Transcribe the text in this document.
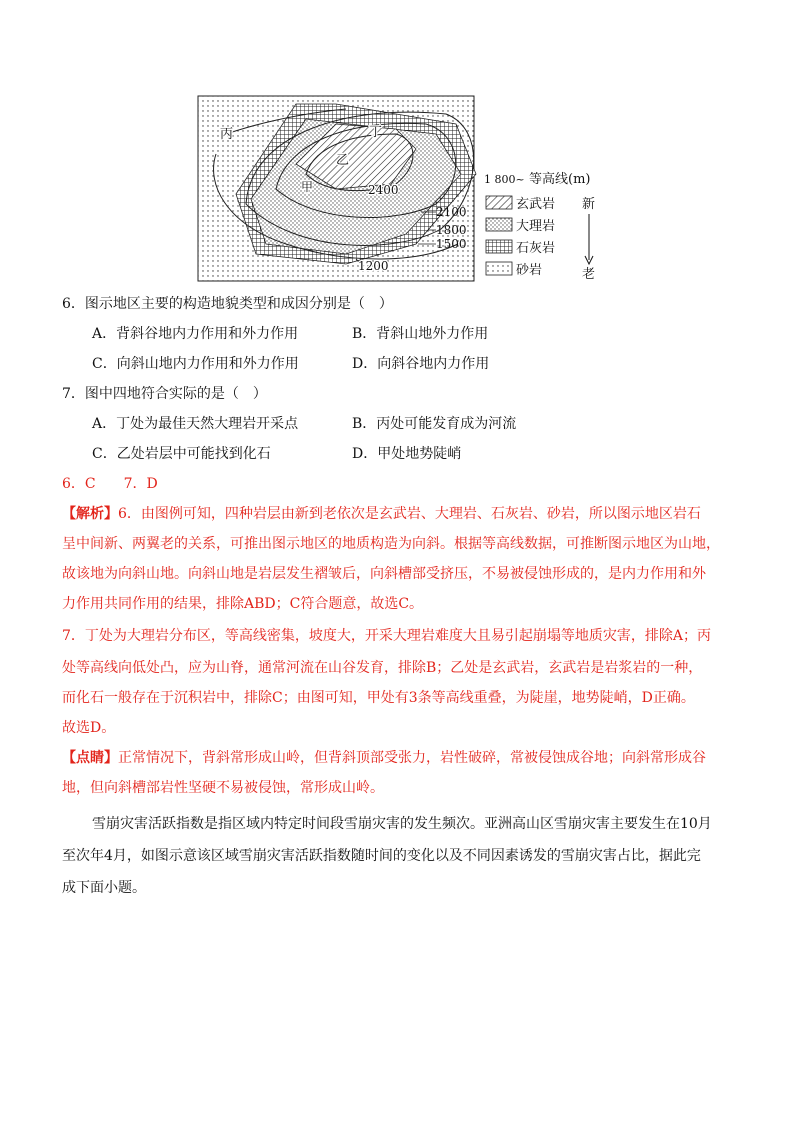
丙	丁
乙
甲	2400
2100
1800
1500
1200
1 800~ 等高线(m)
玄武岩
大理岩
石灰岩
砂岩
新
老
6．图示地区主要的构造地貌类型和成因分别是（　）
A．背斜谷地内力作用和外力作用	B．背斜山地外力作用
C．向斜山地内力作用和外力作用	D．向斜谷地内力作用
7．图中四地符合实际的是（　）
A．丁处为最佳天然大理岩开采点	B．丙处可能发育成为河流
C．乙处岩层中可能找到化石	D．甲处地势陡峭
6．C 7．D
【解析】6．由图例可知，四种岩层由新到老依次是玄武岩、大理岩、石灰岩、砂岩，所以图示地区岩石
呈中间新、两翼老的关系，可推出图示地区的地质构造为向斜。根据等高线数据，可推断图示地区为山地，
故该地为向斜山地。向斜山地是岩层发生褶皱后，向斜槽部受挤压，不易被侵蚀形成的，是内力作用和外
力作用共同作用的结果，排除ABD；C符合题意，故选C。
7．丁处为大理岩分布区，等高线密集，坡度大，开采大理岩难度大且易引起崩塌等地质灾害，排除A；丙
处等高线向低处凸，应为山脊，通常河流在山谷发育，排除B；乙处是玄武岩，玄武岩是岩浆岩的一种，
而化石一般存在于沉积岩中，排除C；由图可知，甲处有3条等高线重叠，为陡崖，地势陡峭，D正确。
故选D。
【点睛】正常情况下，背斜常形成山岭，但背斜顶部受张力，岩性破碎，常被侵蚀成谷地；向斜常形成谷
地，但向斜槽部岩性坚硬不易被侵蚀，常形成山岭。
雪崩灾害活跃指数是指区域内特定时间段雪崩灾害的发生频次。亚洲高山区雪崩灾害主要发生在10月
至次年4月，如图示意该区域雪崩灾害活跃指数随时间的变化以及不同因素诱发的雪崩灾害占比，据此完
成下面小题。
